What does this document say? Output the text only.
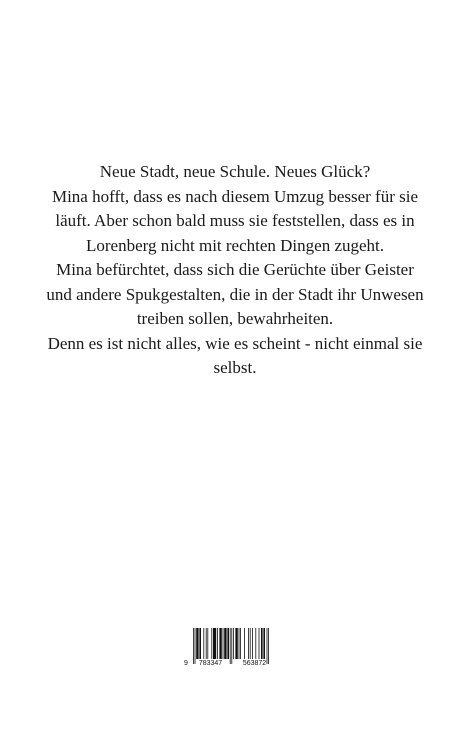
Neue Stadt, neue Schule. Neues Glück?
Mina hofft, dass es nach diesem Umzug besser für sie
läuft. Aber schon bald muss sie feststellen, dass es in
Lorenberg nicht mit rechten Dingen zugeht.
Mina befürchtet, dass sich die Gerüchte über Geister
und andere Spukgestalten, die in der Stadt ihr Unwesen
treiben sollen, bewahrheiten.
Denn es ist nicht alles, wie es scheint - nicht einmal sie
selbst.
9	783347	563872
